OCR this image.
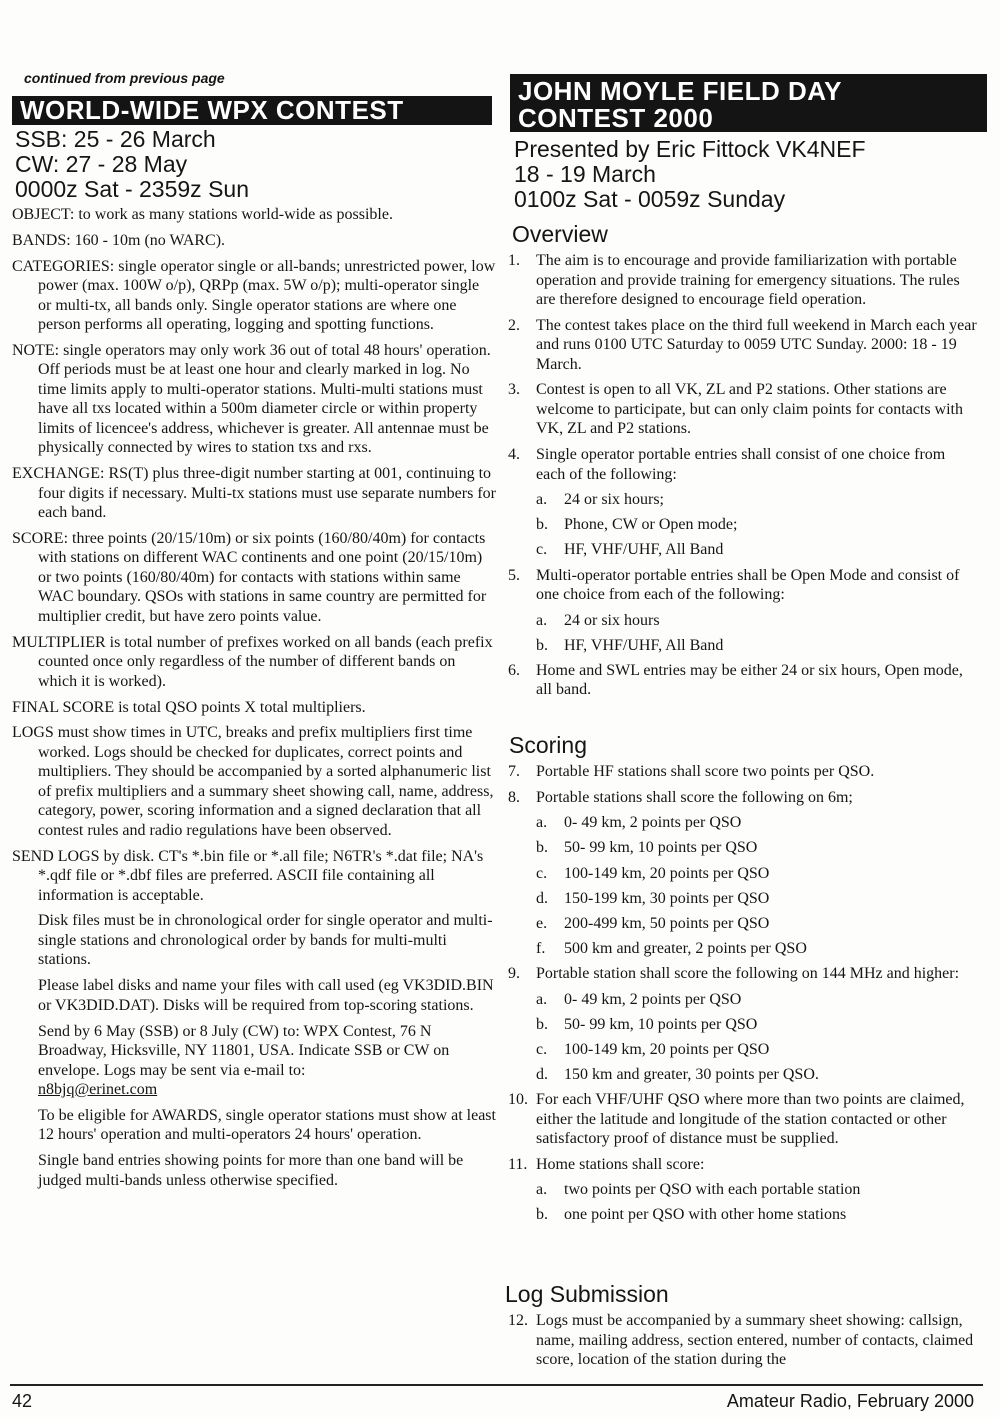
continued from previous page
WORLD-WIDE WPX CONTEST
SSB: 25 - 26 March
CW: 27 - 28 May
0000z Sat - 2359z Sun

OBJECT: to work as many stations world-wide as possible.

BANDS: 160 - 10m (no WARC).

CATEGORIES: single operator single or all-bands; unrestricted power, low power (max. 100W o/p), QRPp (max. 5W o/p); multi-operator single or multi-tx, all bands only. Single operator stations are where one person performs all operating, logging and spotting functions.

NOTE: single operators may only work 36 out of total 48 hours' operation. Off periods must be at least one hour and clearly marked in log. No time limits apply to multi-operator stations. Multi-multi stations must have all txs located within a 500m diameter circle or within property limits of licencee's address, whichever is greater. All antennae must be physically connected by wires to station txs and rxs.

EXCHANGE: RS(T) plus three-digit number starting at 001, continuing to four digits if necessary. Multi-tx stations must use separate numbers for each band.

SCORE: three points (20/15/10m) or six points (160/80/40m) for contacts with stations on different WAC continents and one point (20/15/10m) or two points (160/80/40m) for contacts with stations within same WAC boundary. QSOs with stations in same country are permitted for multiplier credit, but have zero points value.

MULTIPLIER is total number of prefixes worked on all bands (each prefix counted once only regardless of the number of different bands on which it is worked).

FINAL SCORE is total QSO points X total multipliers.

LOGS must show times in UTC, breaks and prefix multipliers first time worked. Logs should be checked for duplicates, correct points and multipliers. They should be accompanied by a sorted alphanumeric list of prefix multipliers and a summary sheet showing call, name, address, category, power, scoring information and a signed declaration that all contest rules and radio regulations have been observed.

SEND LOGS by disk. CT's *.bin file or *.all file; N6TR's *.dat file; NA's *.qdf file or *.dbf files are preferred. ASCII file containing all information is acceptable.

Disk files must be in chronological order for single operator and multi-single stations and chronological order by bands for multi-multi stations.

Please label disks and name your files with call used (eg VK3DID.BIN or VK3DID.DAT). Disks will be required from top-scoring stations.

Send by 6 May (SSB) or 8 July (CW) to: WPX Contest, 76 N Broadway, Hicksville, NY 11801, USA. Indicate SSB or CW on envelope. Logs may be sent via e-mail to:
n8bjq@erinet.com

To be eligible for AWARDS, single operator stations must show at least 12 hours' operation and multi-operators 24 hours' operation.

Single band entries showing points for more than one band will be judged multi-bands unless otherwise specified.

JOHN MOYLE FIELD DAY
CONTEST 2000
Presented by Eric Fittock VK4NEF
18 - 19 March
0100z Sat - 0059z Sunday
Overview
1. The aim is to encourage and provide familiarization with portable operation and provide training for emergency situations. The rules are therefore designed to encourage field operation.
2. The contest takes place on the third full weekend in March each year and runs 0100 UTC Saturday to 0059 UTC Sunday. 2000: 18 - 19 March.
3. Contest is open to all VK, ZL and P2 stations. Other stations are welcome to participate, but can only claim points for contacts with VK, ZL and P2 stations.
4. Single operator portable entries shall consist of one choice from each of the following:
a. 24 or six hours;
b. Phone, CW or Open mode;
c. HF, VHF/UHF, All Band
5. Multi-operator portable entries shall be Open Mode and consist of one choice from each of the following:
a. 24 or six hours
b. HF, VHF/UHF, All Band
6. Home and SWL entries may be either 24 or six hours, Open mode, all band.
Scoring
7. Portable HF stations shall score two points per QSO.
8. Portable stations shall score the following on 6m;
a. 0- 49 km, 2 points per QSO
b. 50- 99 km, 10 points per QSO
c. 100-149 km, 20 points per QSO
d. 150-199 km, 30 points per QSO
e. 200-499 km, 50 points per QSO
f. 500 km and greater, 2 points per QSO
9. Portable station shall score the following on 144 MHz and higher:
a. 0- 49 km, 2 points per QSO
b. 50- 99 km, 10 points per QSO
c. 100-149 km, 20 points per QSO
d. 150 km and greater, 30 points per QSO.
10. For each VHF/UHF QSO where more than two points are claimed, either the latitude and longitude of the station contacted or other satisfactory proof of distance must be supplied.
11. Home stations shall score:
a. two points per QSO with each portable station
b. one point per QSO with other home stations
Log Submission
12. Logs must be accompanied by a summary sheet showing: callsign, name, mailing address, section entered, number of contacts, claimed score, location of the station during the
42	Amateur Radio, February 2000
